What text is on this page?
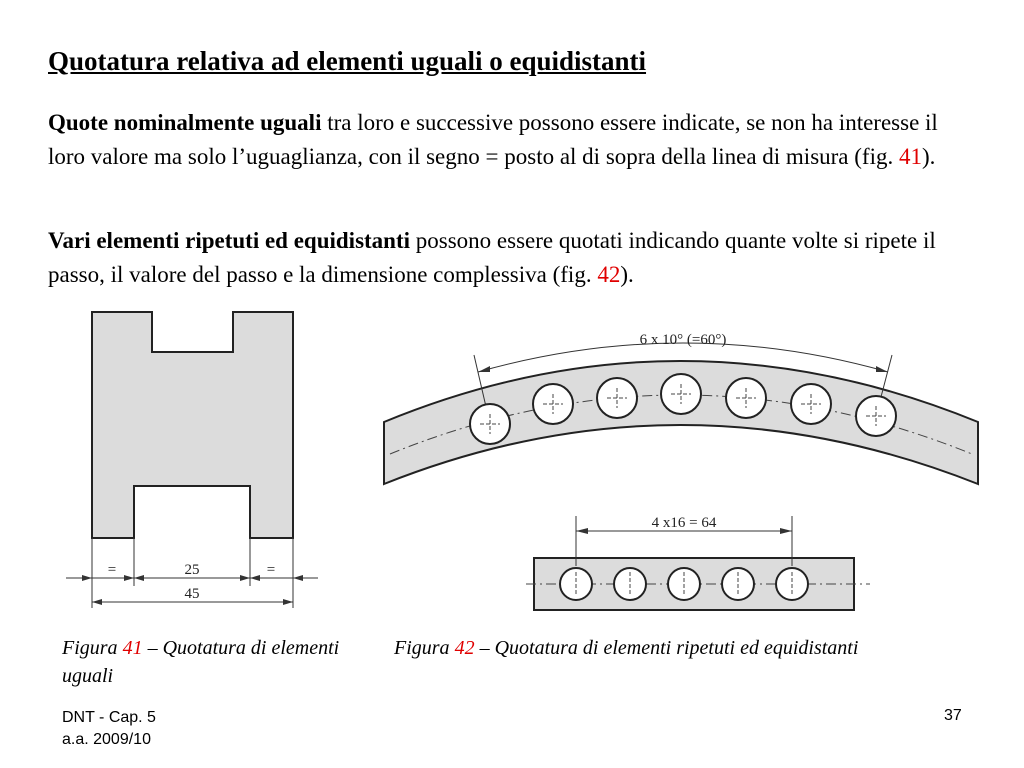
Quotatura relativa ad elementi uguali o equidistanti
Quote nominalmente uguali tra loro e successive possono essere indicate, se non ha interesse il loro valore ma solo l’uguaglianza, con il segno = posto al di sopra della linea di misura (fig. 41).
Vari elementi ripetuti ed equidistanti possono essere quotati indicando quante volte si ripete il passo, il valore del passo e la dimensione complessiva (fig. 42).
=	25	=
45
6 x 10° (=60°)
4 x16 = 64
Figura 41 – Quotatura di elementi uguali
Figura 42 – Quotatura di elementi ripetuti ed equidistanti
DNT - Cap. 5
a.a. 2009/10
37
